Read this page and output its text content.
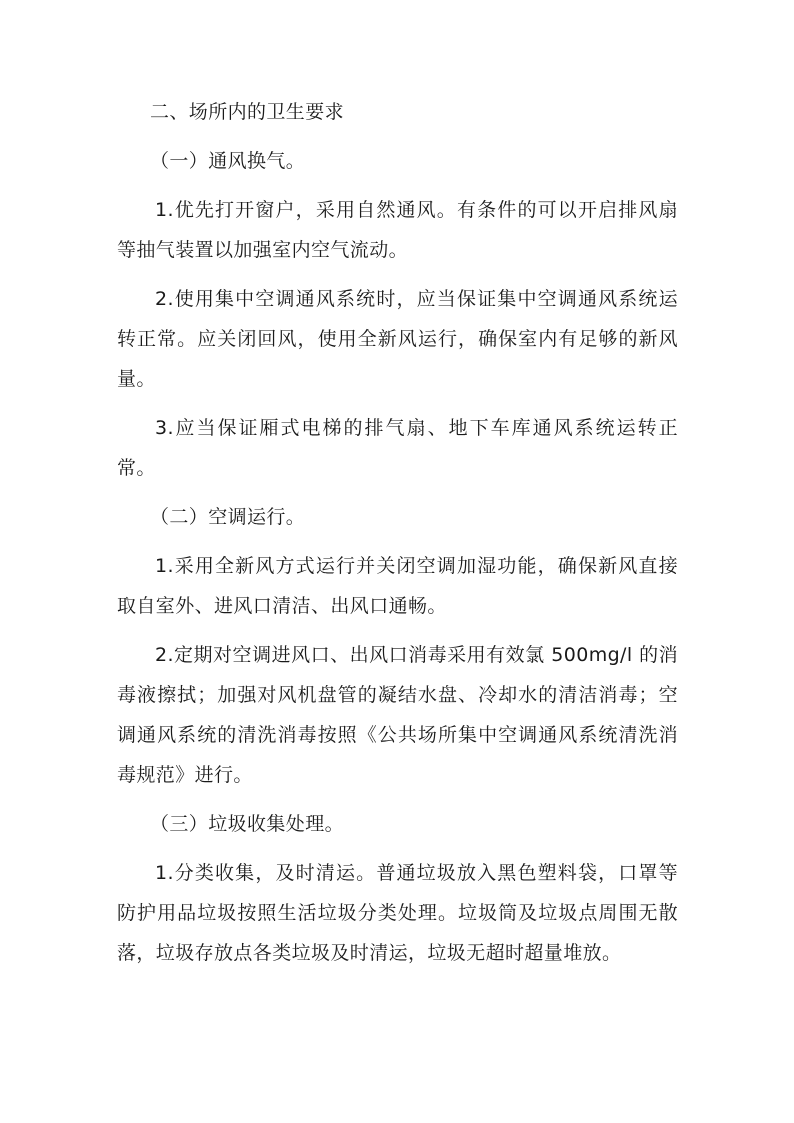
二、场所内的卫生要求

（一）通风换气。

1.优先打开窗户，采用自然通风。有条件的可以开启排风扇等抽气装置以加强室内空气流动。

2.使用集中空调通风系统时，应当保证集中空调通风系统运转正常。应关闭回风，使用全新风运行，确保室内有足够的新风量。

3.应当保证厢式电梯的排气扇、地下车库通风系统运转正常。

（二）空调运行。

1.采用全新风方式运行并关闭空调加湿功能，确保新风直接取自室外、进风口清洁、出风口通畅。

2.定期对空调进风口、出风口消毒采用有效氯 500mg/l 的消毒液擦拭；加强对风机盘管的凝结水盘、冷却水的清洁消毒；空调通风系统的清洗消毒按照《公共场所集中空调通风系统清洗消毒规范》进行。

（三）垃圾收集处理。

1.分类收集，及时清运。普通垃圾放入黑色塑料袋，口罩等防护用品垃圾按照生活垃圾分类处理。垃圾筒及垃圾点周围无散落，垃圾存放点各类垃圾及时清运，垃圾无超时超量堆放。
